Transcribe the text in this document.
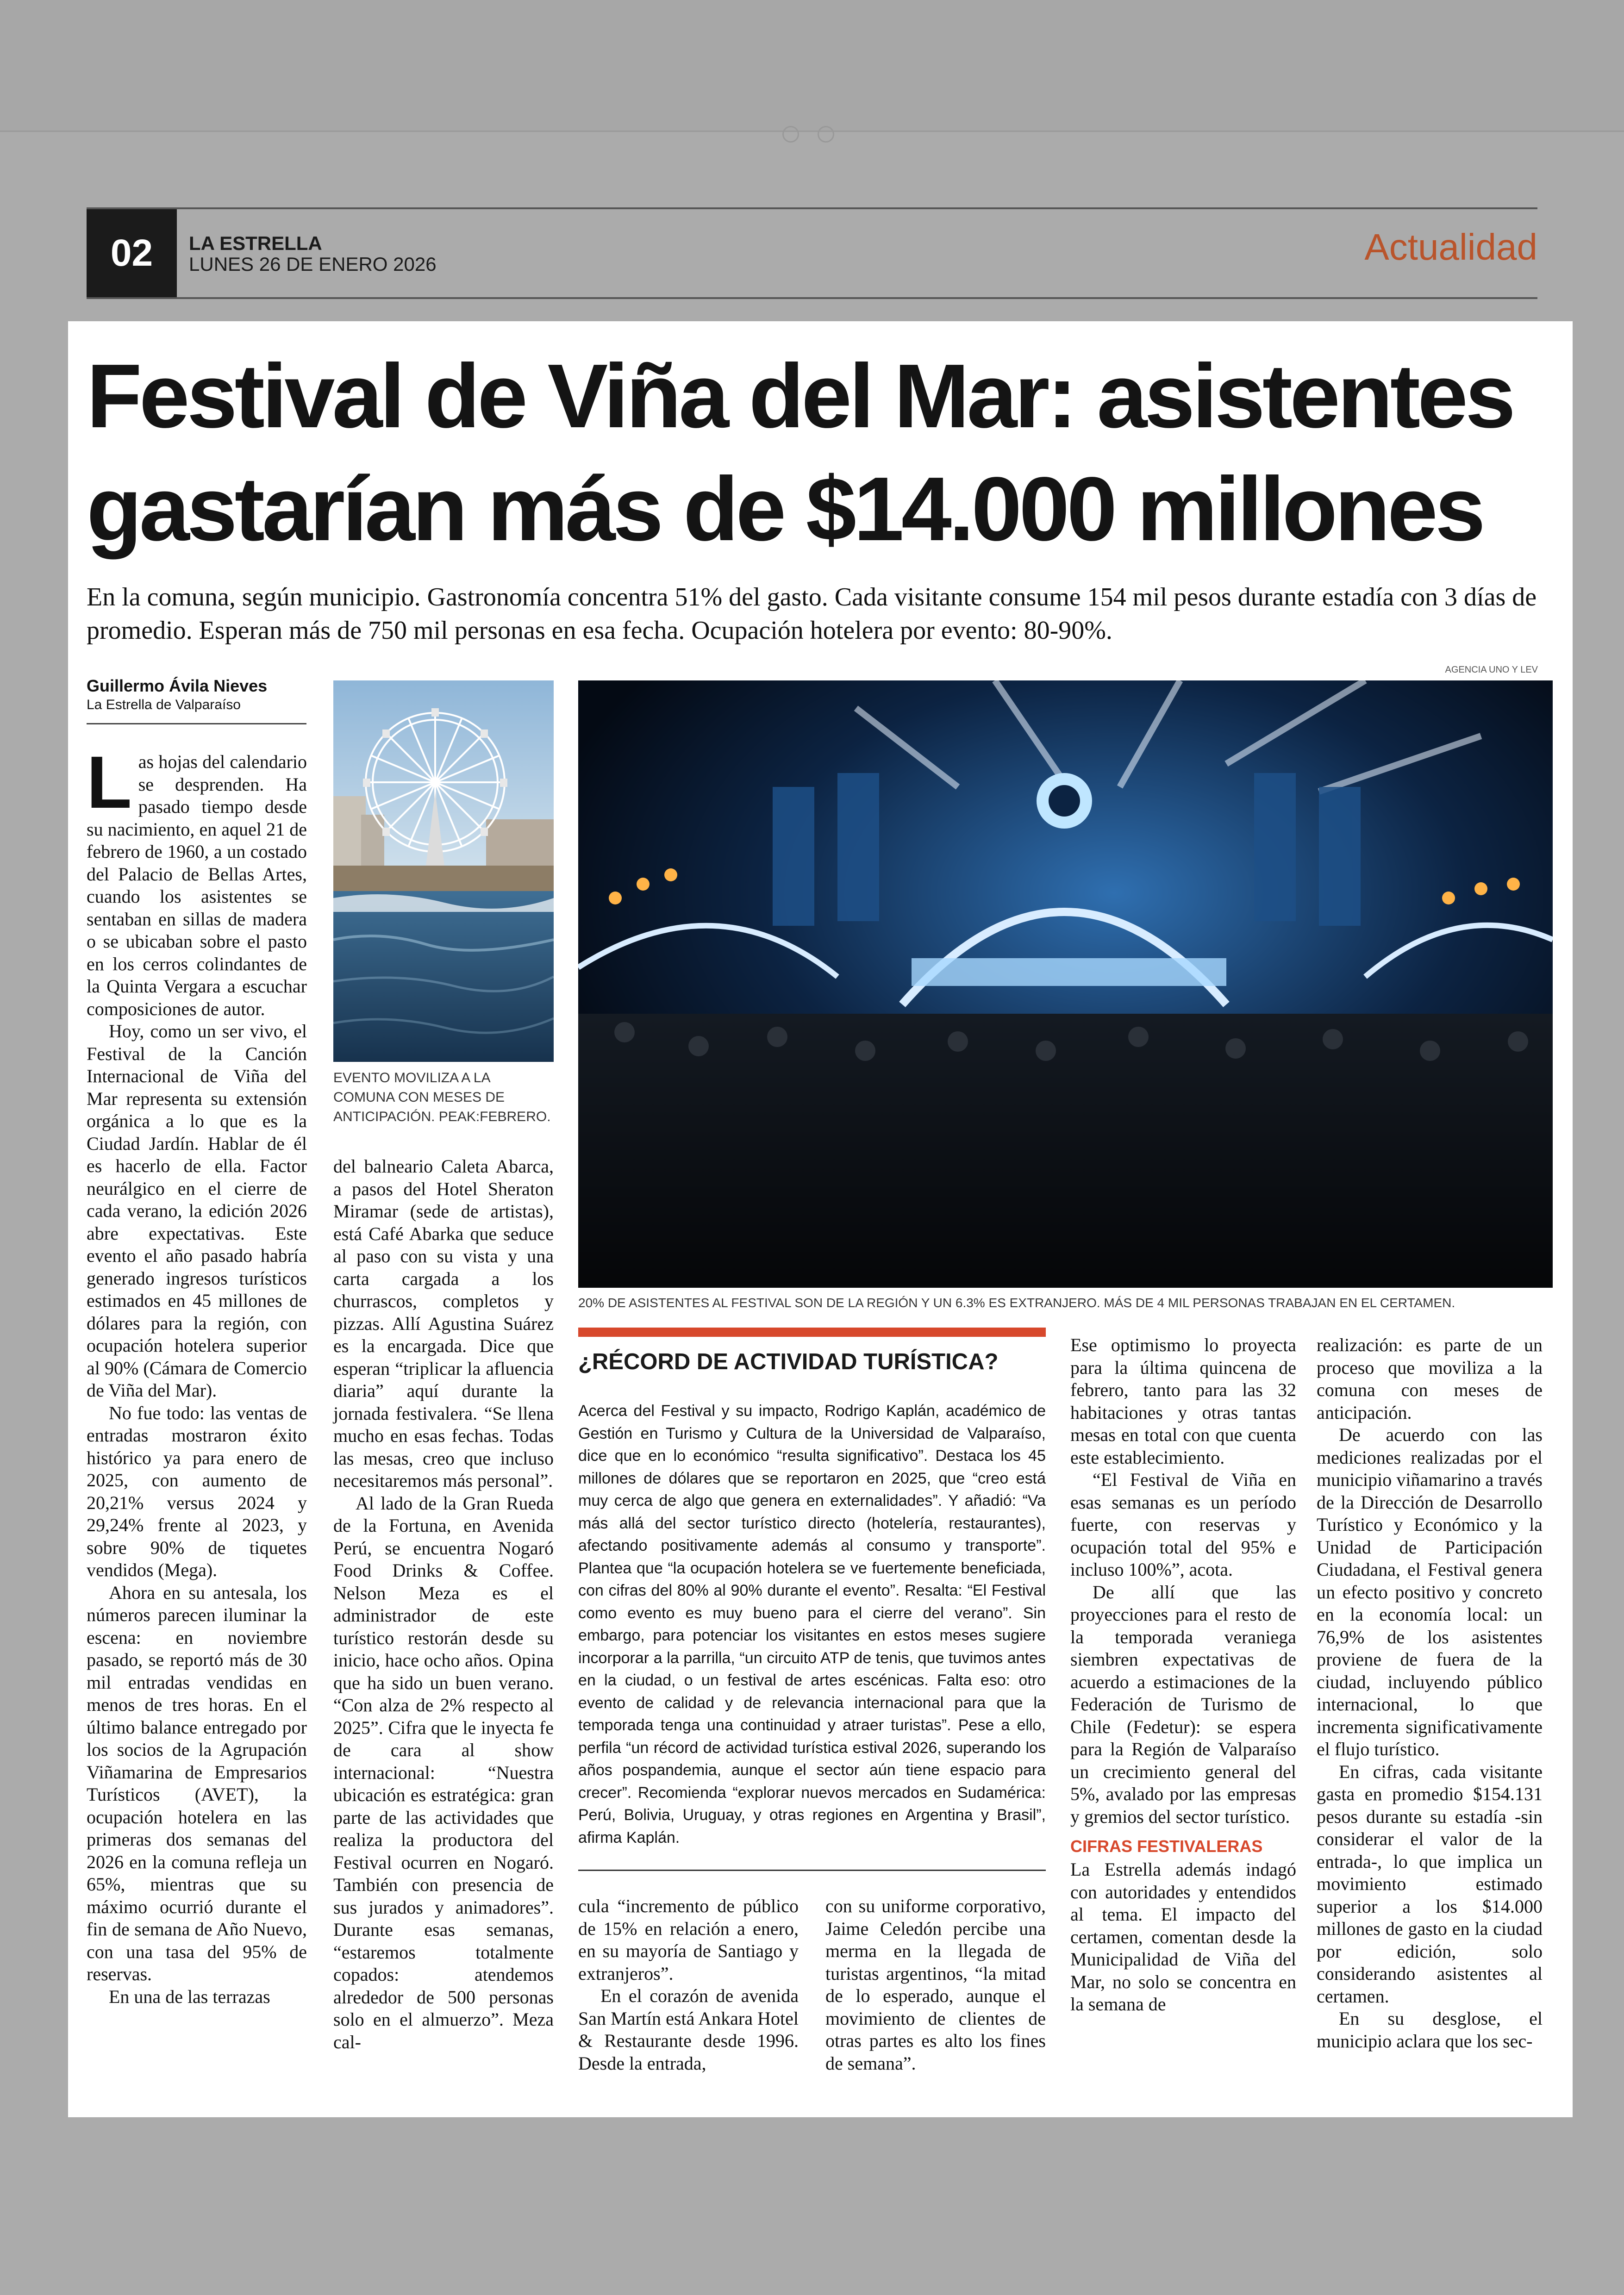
02	LA ESTRELLA
LUNES 26 DE ENERO 2026	Actualidad
Festival de Viña del Mar: asistentes gastarían más de $14.000 millones

En la comuna, según municipio. Gastronomía concentra 51% del gasto. Cada visitante consume 154 mil pesos durante estadía con 3 días de promedio. Esperan más de 750 mil personas en esa fecha. Ocupación hotelera por evento: 80-90%.

Guillermo Ávila Nieves
La Estrella de Valparaíso

Las hojas del calendario se desprenden. Ha pasado tiempo desde su nacimiento, en aquel 21 de febrero de 1960, a un costado del Palacio de Bellas Artes, cuando los asistentes se sentaban en sillas de madera o se ubicaban sobre el pasto en los cerros colindantes de la Quinta Vergara a escuchar composiciones de autor.

Hoy, como un ser vivo, el Festival de la Canción Internacional de Viña del Mar representa su extensión orgánica a lo que es la Ciudad Jardín. Hablar de él es hacerlo de ella. Factor neurálgico en el cierre de cada verano, la edición 2026 abre expectativas. Este evento el año pasado habría generado ingresos turísticos estimados en 45 millones de dólares para la región, con ocupación hotelera superior al 90% (Cámara de Comercio de Viña del Mar).

No fue todo: las ventas de entradas mostraron éxito histórico ya para enero de 2025, con aumento de 20,21% versus 2024 y 29,24% frente al 2023, y sobre 90% de tiquetes vendidos (Mega).

Ahora en su antesala, los números parecen iluminar la escena: en noviembre pasado, se reportó más de 30 mil entradas vendidas en menos de tres horas. En el último balance entregado por los socios de la Agrupación Viñamarina de Empresarios Turísticos (AVET), la ocupación hotelera en las primeras dos semanas del 2026 en la comuna refleja un 65%, mientras que su máximo ocurrió durante el fin de semana de Año Nuevo, con una tasa del 95% de reservas.

En una de las terrazas

EVENTO MOVILIZA A LA COMUNA CON MESES DE ANTICIPACIÓN. PEAK:FEBRERO.
AGENCIA UNO Y LEV
20% DE ASISTENTES AL FESTIVAL SON DE LA REGIÓN Y UN 6.3% ES EXTRANJERO. MÁS DE 4 MIL PERSONAS TRABAJAN EN EL CERTAMEN.

del balneario Caleta Abarca, a pasos del Hotel Sheraton Miramar (sede de artistas), está Café Abarka que seduce al paso con su vista y una carta cargada a los churrascos, completos y pizzas. Allí Agustina Suárez es la encargada. Dice que esperan “triplicar la afluencia diaria” aquí durante la jornada festivalera. “Se llena mucho en esas fechas. Todas las mesas, creo que incluso necesitaremos más personal”.

Al lado de la Gran Rueda de la Fortuna, en Avenida Perú, se encuentra Nogaró Food Drinks & Coffee. Nelson Meza es el administrador de este turístico restorán desde su inicio, hace ocho años. Opina que ha sido un buen verano. “Con alza de 2% respecto al 2025”. Cifra que le inyecta fe de cara al show internacional: “Nuestra ubicación es estratégica: gran parte de las actividades que realiza la productora del Festival ocurren en Nogaró. También con presencia de sus jurados y animadores”. Durante esas semanas, “estaremos totalmente copados: atendemos alrededor de 500 personas solo en el almuerzo”. Meza cal-

¿RÉCORD DE ACTIVIDAD TURÍSTICA?
Acerca del Festival y su impacto, Rodrigo Kaplán, académico de Gestión en Turismo y Cultura de la Universidad de Valparaíso, dice que en lo económico “resulta significativo”. Destaca los 45 millones de dólares que se reportaron en 2025, que “creo está muy cerca de algo que genera en externalidades”. Y añadió: “Va más allá del sector turístico directo (hotelería, restaurantes), afectando positivamente además al consumo y transporte”. Plantea que “la ocupación hotelera se ve fuertemente beneficiada, con cifras del 80% al 90% durante el evento”. Resalta: “El Festival como evento es muy bueno para el cierre del verano”. Sin embargo, para potenciar los visitantes en estos meses sugiere incorporar a la parrilla, “un circuito ATP de tenis, que tuvimos antes en la ciudad, o un festival de artes escénicas. Falta eso: otro evento de calidad y de relevancia internacional para que la temporada tenga una continuidad y atraer turistas”. Pese a ello, perfila “un récord de actividad turística estival 2026, superando los años pospandemia, aunque el sector aún tiene espacio para crecer”. Recomienda “explorar nuevos mercados en Sudamérica: Perú, Bolivia, Uruguay, y otras regiones en Argentina y Brasil”, afirma Kaplán.

cula “incremento de público de 15% en relación a enero, en su mayoría de Santiago y extranjeros”.

En el corazón de avenida San Martín está Ankara Hotel & Restaurante desde 1996. Desde la entrada,

con su uniforme corporativo, Jaime Celedón percibe una merma en la llegada de turistas argentinos, “la mitad de lo esperado, aunque el movimiento de clientes de otras partes es alto los fines de semana”.

Ese optimismo lo proyecta para la última quincena de febrero, tanto para las 32 habitaciones y otras tantas mesas en total con que cuenta este establecimiento.

“El Festival de Viña en esas semanas es un período fuerte, con reservas y ocupación total del 95% e incluso 100%”, acota.

De allí que las proyecciones para el resto de la temporada veraniega siembren expectativas de acuerdo a estimaciones de la Federación de Turismo de Chile (Fedetur): se espera para la Región de Valparaíso un crecimiento general del 5%, avalado por las empresas y gremios del sector turístico.

CIFRAS FESTIVALERAS

La Estrella además indagó con autoridades y entendidos al tema. El impacto del certamen, comentan desde la Municipalidad de Viña del Mar, no solo se concentra en la semana de

realización: es parte de un proceso que moviliza a la comuna con meses de anticipación.

De acuerdo con las mediciones realizadas por el municipio viñamarino a través de la Dirección de Desarrollo Turístico y Económico y la Unidad de Participación Ciudadana, el Festival genera un efecto positivo y concreto en la economía local: un 76,9% de los asistentes proviene de fuera de la ciudad, incluyendo público internacional, lo que incrementa significativamente el flujo turístico.

En cifras, cada visitante gasta en promedio $154.131 pesos durante su estadía -sin considerar el valor de la entrada-, lo que implica un movimiento estimado superior a los $14.000 millones de gasto en la ciudad por edición, solo considerando asistentes al certamen.

En su desglose, el municipio aclara que los sec-
